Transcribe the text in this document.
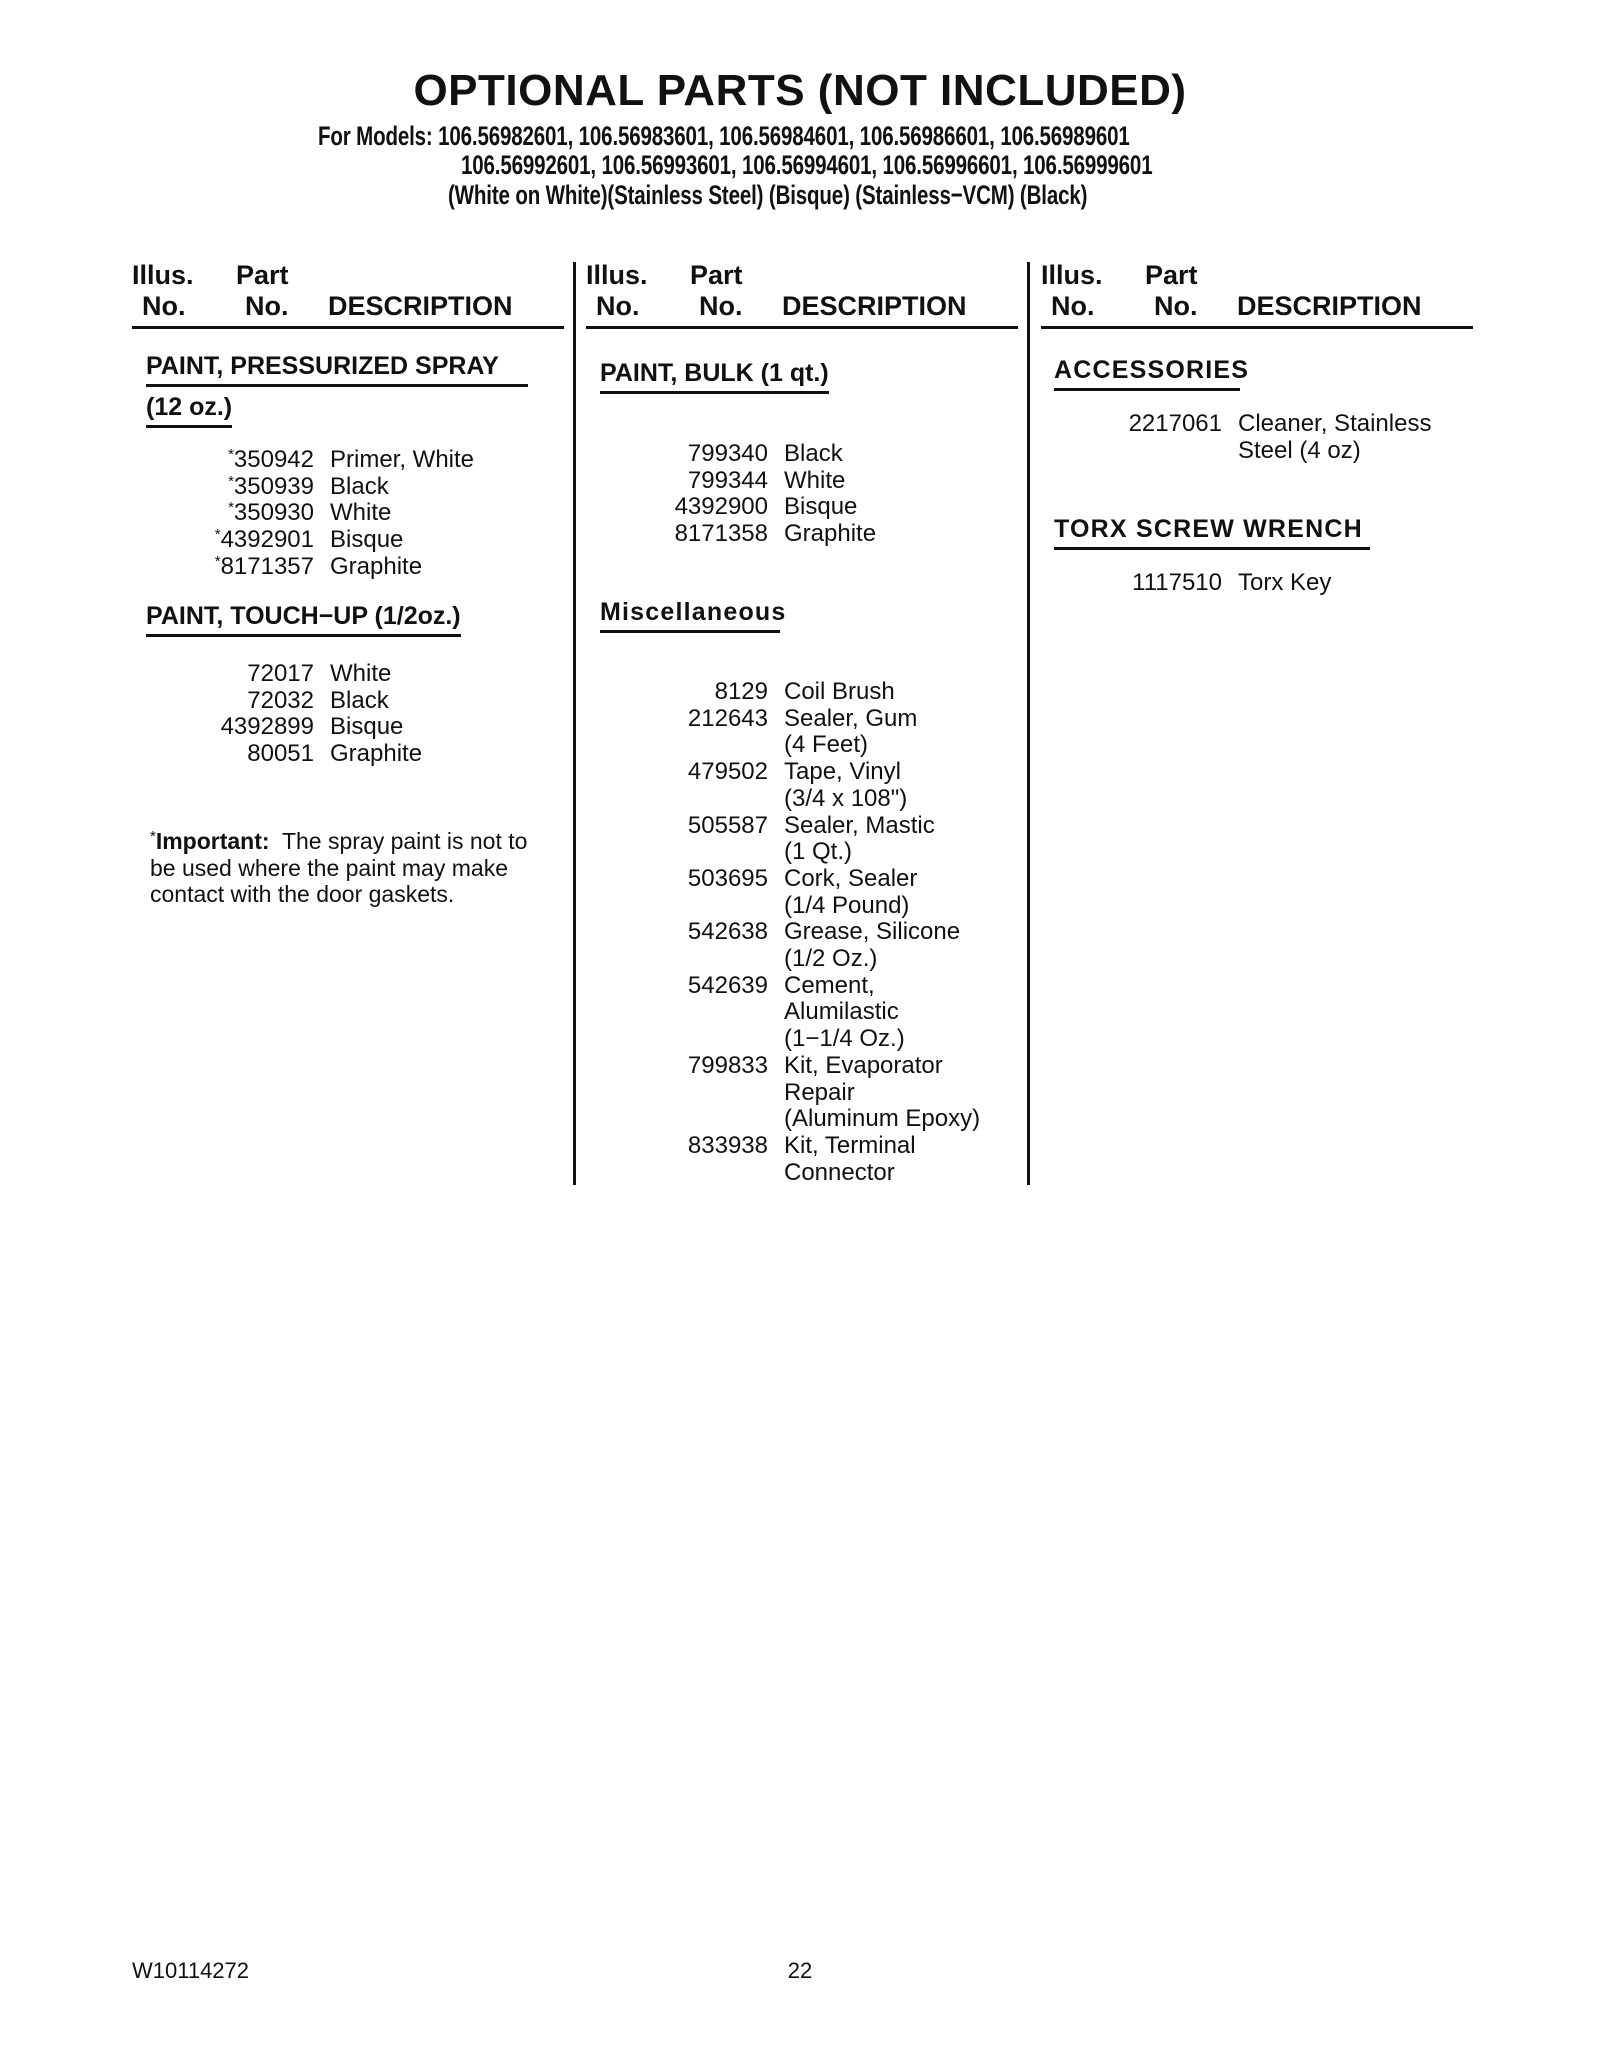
OPTIONAL PARTS (NOT INCLUDED)
For Models: 106.56982601, 106.56983601, 106.56984601, 106.56986601, 106.56989601
106.56992601, 106.56993601, 106.56994601, 106.56996601, 106.56999601
(White on White)(Stainless Steel) (Bisque) (Stainless−VCM) (Black)
Illus. Part
No. No. DESCRIPTION
PAINT, PRESSURIZED SPRAY
(12 oz.)
*350942 Primer, White
*350939 Black
*350930 White
*4392901 Bisque
*8171357 Graphite
PAINT, TOUCH−UP (1/2oz.)
72017 White
72032 Black
4392899 Bisque
80051 Graphite
*Important: The spray paint is not to be used where the paint may make contact with the door gaskets.
Illus. Part
No. No. DESCRIPTION
PAINT, BULK (1 qt.)
799340 Black
799344 White
4392900 Bisque
8171358 Graphite
Miscellaneous
8129 Coil Brush
212643 Sealer, Gum
(4 Feet)
479502 Tape, Vinyl
(3/4 x 108")
505587 Sealer, Mastic
(1 Qt.)
503695 Cork, Sealer
(1/4 Pound)
542638 Grease, Silicone
(1/2 Oz.)
542639 Cement,
Alumilastic
(1−1/4 Oz.)
799833 Kit, Evaporator
Repair
(Aluminum Epoxy)
833938 Kit, Terminal
Connector
Illus. Part
No. No. DESCRIPTION
ACCESSORIES
2217061 Cleaner, Stainless
Steel (4 oz)
TORX SCREW WRENCH
1117510 Torx Key
W10114272	22
